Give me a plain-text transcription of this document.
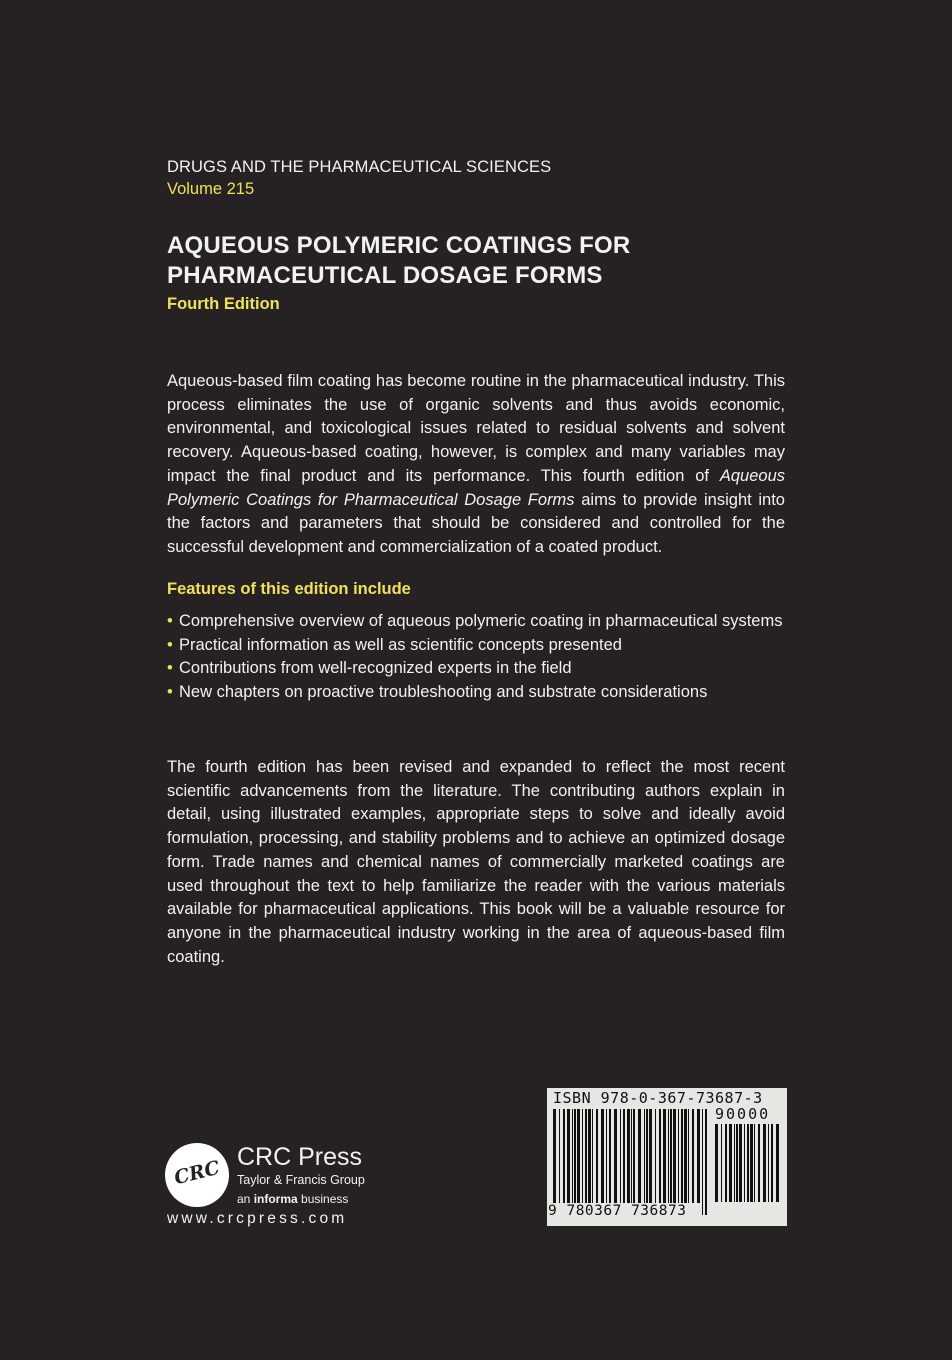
DRUGS AND THE PHARMACEUTICAL SCIENCES
Volume 215
AQUEOUS POLYMERIC COATINGS FOR
PHARMACEUTICAL DOSAGE FORMS
Fourth Edition
Aqueous-based film coating has become routine in the pharmaceutical industry. This process eliminates the use of organic solvents and thus avoids economic, environmental, and toxicological issues related to residual solvents and solvent recovery. Aqueous-based coating, however, is complex and many variables may impact the final product and its performance. This fourth edition of Aqueous Polymeric Coatings for Pharmaceutical Dosage Forms aims to provide insight into the factors and parameters that should be considered and controlled for the successful development and commercialization of a coated product.
Features of this edition include
• Comprehensive overview of aqueous polymeric coating in pharmaceutical systems
• Practical information as well as scientific concepts presented
• Contributions from well-recognized experts in the field
• New chapters on proactive troubleshooting and substrate considerations
The fourth edition has been revised and expanded to reflect the most recent scientific advancements from the literature. The contributing authors explain in detail, using illustrated examples, appropriate steps to solve and ideally avoid formulation, processing, and stability problems and to achieve an optimized dosage form. Trade names and chemical names of commercially marketed coatings are used throughout the text to help familiarize the reader with the various materials available for pharmaceutical applications. This book will be a valuable resource for anyone in the pharmaceutical industry working in the area of aqueous-based film coating.
CRC CRC Press
Taylor & Francis Group
an informa business
www.crcpress.com
ISBN 978-0-367-73687-3
90000
9 780367 736873
